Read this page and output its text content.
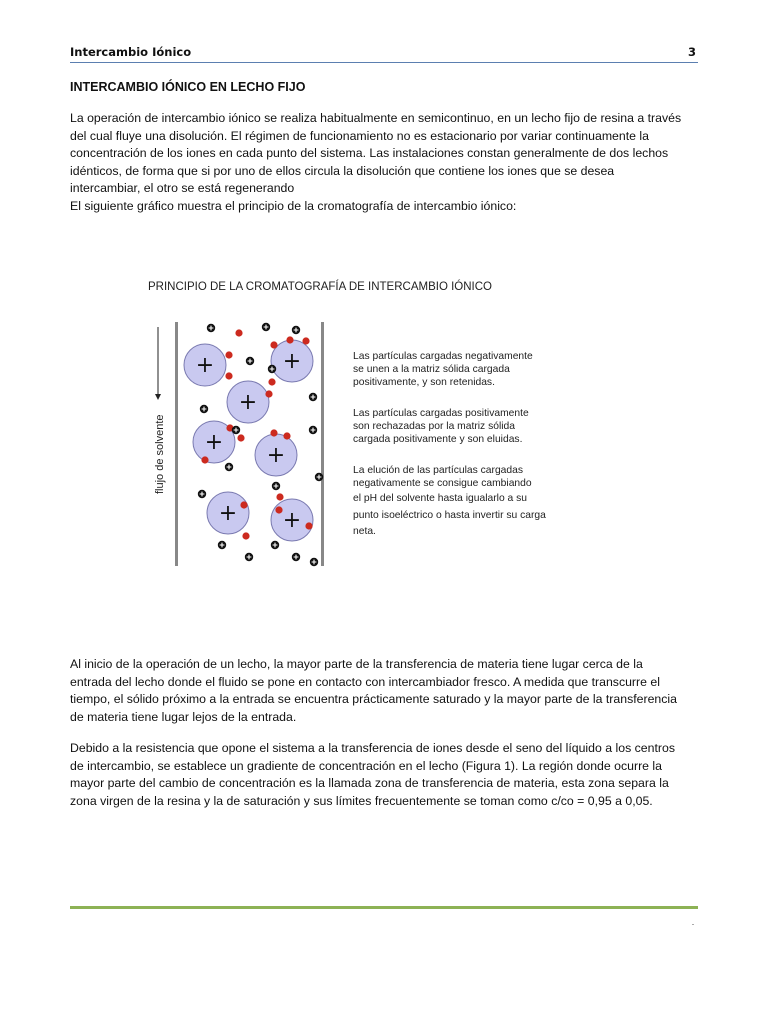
Intercambio Iónico	3
INTERCAMBIO IÓNICO EN LECHO FIJO
La operación de intercambio iónico se realiza habitualmente en semicontinuo, en un lecho fijo de resina a través
del cual fluye una disolución. El régimen de funcionamiento no es estacionario por variar continuamente la
concentración de los iones en cada punto del sistema. Las instalaciones constan generalmente de dos lechos
idénticos, de forma que si por uno de ellos circula la disolución que contiene los iones que se desea
intercambiar, el otro se está regenerando
El siguiente gráfico muestra el principio de la cromatografía de intercambio iónico:
PRINCIPIO DE LA CROMATOGRAFÍA DE INTERCAMBIO IÓNICO
flujo de solvente
+	+
+
+
+
+ +
Las partículas cargadas negativamente
se unen a la matriz sólida cargada
positivamente, y son retenidas.
Las partículas cargadas positivamente
son rechazadas por la matriz sólida
cargada positivamente y son eluidas.
La elución de las partículas cargadas
negativamente se consigue cambiando
el pH del solvente hasta igualarlo a su
punto isoeléctrico o hasta invertir su carga
neta.
Al inicio de la operación de un lecho, la mayor parte de la transferencia de materia tiene lugar cerca de la
entrada del lecho donde el fluido se pone en contacto con intercambiador fresco. A medida que transcurre el
tiempo, el sólido próximo a la entrada se encuentra prácticamente saturado y la mayor parte de la transferencia
de materia tiene lugar lejos de la entrada.
Debido a la resistencia que opone el sistema a la transferencia de iones desde el seno del líquido a los centros
de intercambio, se establece un gradiente de concentración en el lecho (Figura 1). La región donde ocurre la
mayor parte del cambio de concentración es la llamada zona de transferencia de materia, esta zona separa la
zona virgen de la resina y la de saturación y sus límites frecuentemente se toman como c/co = 0,95 a 0,05.
